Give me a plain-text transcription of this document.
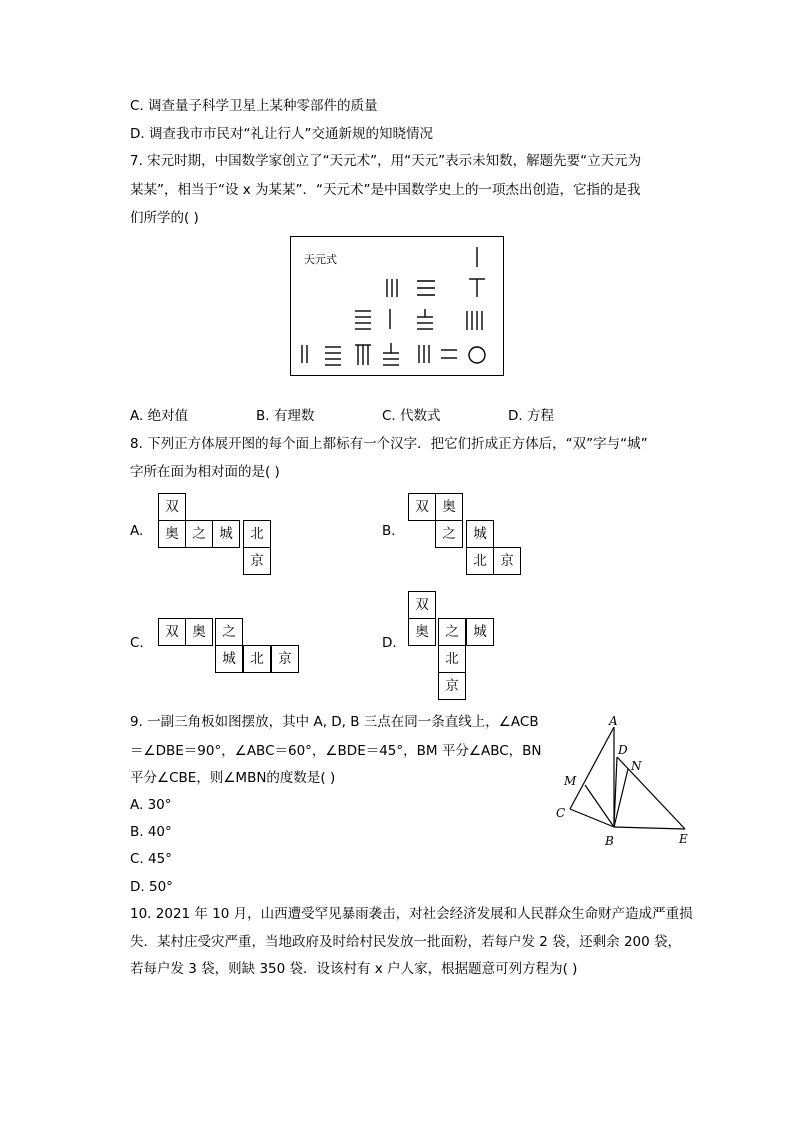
C. 调查量子科学卫星上某种零部件的质量
D. 调查我市市民对“礼让行人”交通新规的知晓情况
7. 宋元时期，中国数学家创立了“天元术”，用“天元”表示未知数，解题先要“立天元为
某某”，相当于“设 x 为某某”．“天元术”是中国数学史上的一项杰出创造，它指的是我
们所学的( )
天元式
A. 绝对值	B. 有理数	C. 代数式	D. 方程
8. 下列正方体展开图的每个面上都标有一个汉字．把它们折成正方体后，“双”字与“城”
字所在面为相对面的是( )
A.
双
奥	之	城	北
京
B.
双	奥
之	城
北	京
C.
双	奥	之
城	北	京
D.
双
奥	之	城
北
京
9. 一副三角板如图摆放，其中 A, D, B 三点在同一条直线上，∠ACB
＝∠DBE＝90°，∠ABC＝60°，∠BDE＝45°，BM 平分∠ABC，BN
平分∠CBE，则∠MBN的度数是( )
A. 30°
B. 40°
C. 45°
D. 50°
A
D
N
M
C
B	E
10. 2021 年 10 月，山西遭受罕见暴雨袭击，对社会经济发展和人民群众生命财产造成严重损
失．某村庄受灾严重，当地政府及时给村民发放一批面粉，若每户发 2 袋，还剩余 200 袋，
若每户发 3 袋，则缺 350 袋．设该村有 x 户人家，根据题意可列方程为( )
